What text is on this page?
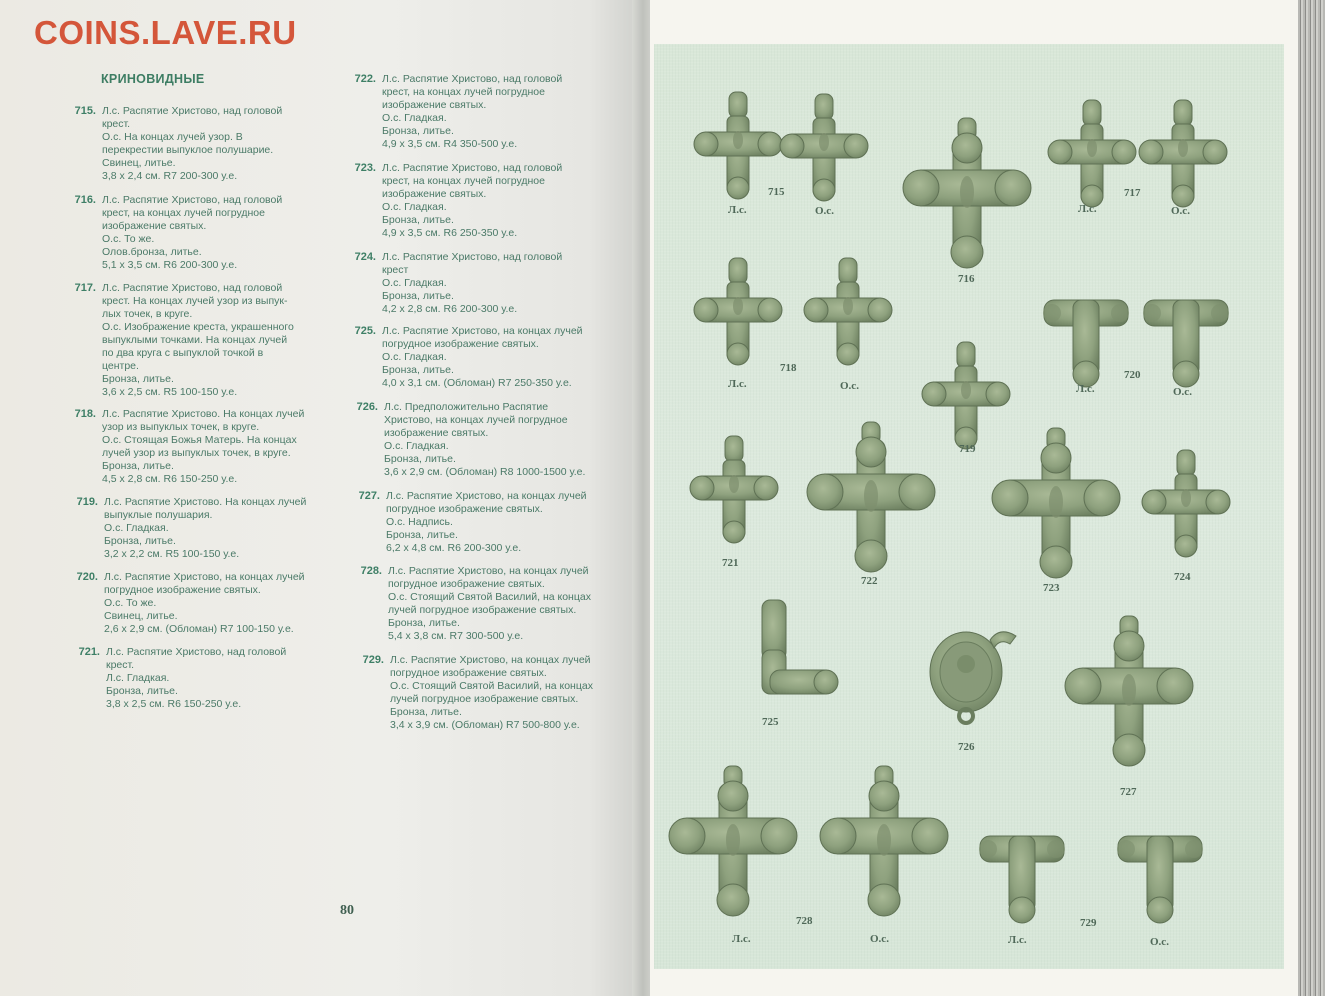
COINS.LAVE.RU
КРИНОВИДНЫЕ
715. Л.с. Распятие Христово, над головой
крест.
О.с. На концах лучей узор. В
перекрестии выпуклое полушарие.
Свинец, литье.
3,8 x 2,4 см. R7 200-300 у.е.
716. Л.с. Распятие Христово, над головой
крест, на концах лучей погрудное
изображение святых.
О.с. То же.
Олов.бронза, литье.
5,1 x 3,5 см. R6 200-300 у.е.
717. Л.с. Распятие Христово, над головой
крест. На концах лучей узор из выпук-
лых точек, в круге.
О.с. Изображение креста, украшенного
выпуклыми точками. На концах лучей
по два круга с выпуклой точкой в
центре.
Бронза, литье.
3,6 x 2,5 см. R5 100-150 у.е.
718. Л.с. Распятие Христово. На концах лучей
узор из выпуклых точек, в круге.
О.с. Стоящая Божья Матерь. На концах
лучей узор из выпуклых точек, в круге.
Бронза, литье.
4,5 x 2,8 см. R6 150-250 у.е.
719. Л.с. Распятие Христово. На концах лучей
выпуклые полушария.
О.с. Гладкая.
Бронза, литье.
3,2 x 2,2 см. R5 100-150 у.е.
720. Л.с. Распятие Христово, на концах лучей
погрудное изображение святых.
О.с. То же.
Свинец, литье.
2,6 x 2,9 см. (Обломан) R7 100-150 у.е.
721. Л.с. Распятие Христово, над головой
крест.
Л.с. Гладкая.
Бронза, литье.
3,8 x 2,5 см. R6 150-250 у.е.
722. Л.с. Распятие Христово, над головой
крест, на концах лучей погрудное
изображение святых.
О.с. Гладкая.
Бронза, литье.
4,9 x 3,5 см. R4 350-500 у.е.
723. Л.с. Распятие Христово, над головой
крест, на концах лучей погрудное
изображение святых.
О.с. Гладкая.
Бронза, литье.
4,9 x 3,5 см. R6 250-350 у.е.
724. Л.с. Распятие Христово, над головой
крест
О.с. Гладкая.
Бронза, литье.
4,2 x 2,8 см. R6 200-300 у.е.
725. Л.с. Распятие Христово, на концах лучей
погрудное изображение святых.
О.с. Гладкая.
Бронза, литье.
4,0 x 3,1 см. (Обломан) R7 250-350 у.е.
726. Л.с. Предположительно Распятие
Христово, на концах лучей погрудное
изображение святых.
О.с. Гладкая.
Бронза, литье.
3,6 x 2,9 см. (Обломан) R8 1000-1500 у.е.
727. Л.с. Распятие Христово, на концах лучей
погрудное изображение святых.
О.с. Надпись.
Бронза, литье.
6,2 x 4,8 см. R6 200-300 у.е.
728. Л.с. Распятие Христово, на концах лучей
погрудное изображение святых.
О.с. Стоящий Святой Василий, на концах
лучей погрудное изображение святых.
Бронза, литье.
5,4 x 3,8 см. R7 300-500 у.е.
729. Л.с. Распятие Христово, на концах лучей
погрудное изображение святых.
О.с. Стоящий Святой Василий, на концах
лучей погрудное изображение святых.
Бронза, литье.
3,4 x 3,9 см. (Обломан) R7 500-800 у.е.
80
715
Л.с.	О.с.
717
Л.с.	О.с.
716
718
Л.с.	О.с.
720
Л.с.	О.с.
719
721
722
723
724
725
726
727
728
Л.с.	О.с.
729
Л.с.	О.с.
